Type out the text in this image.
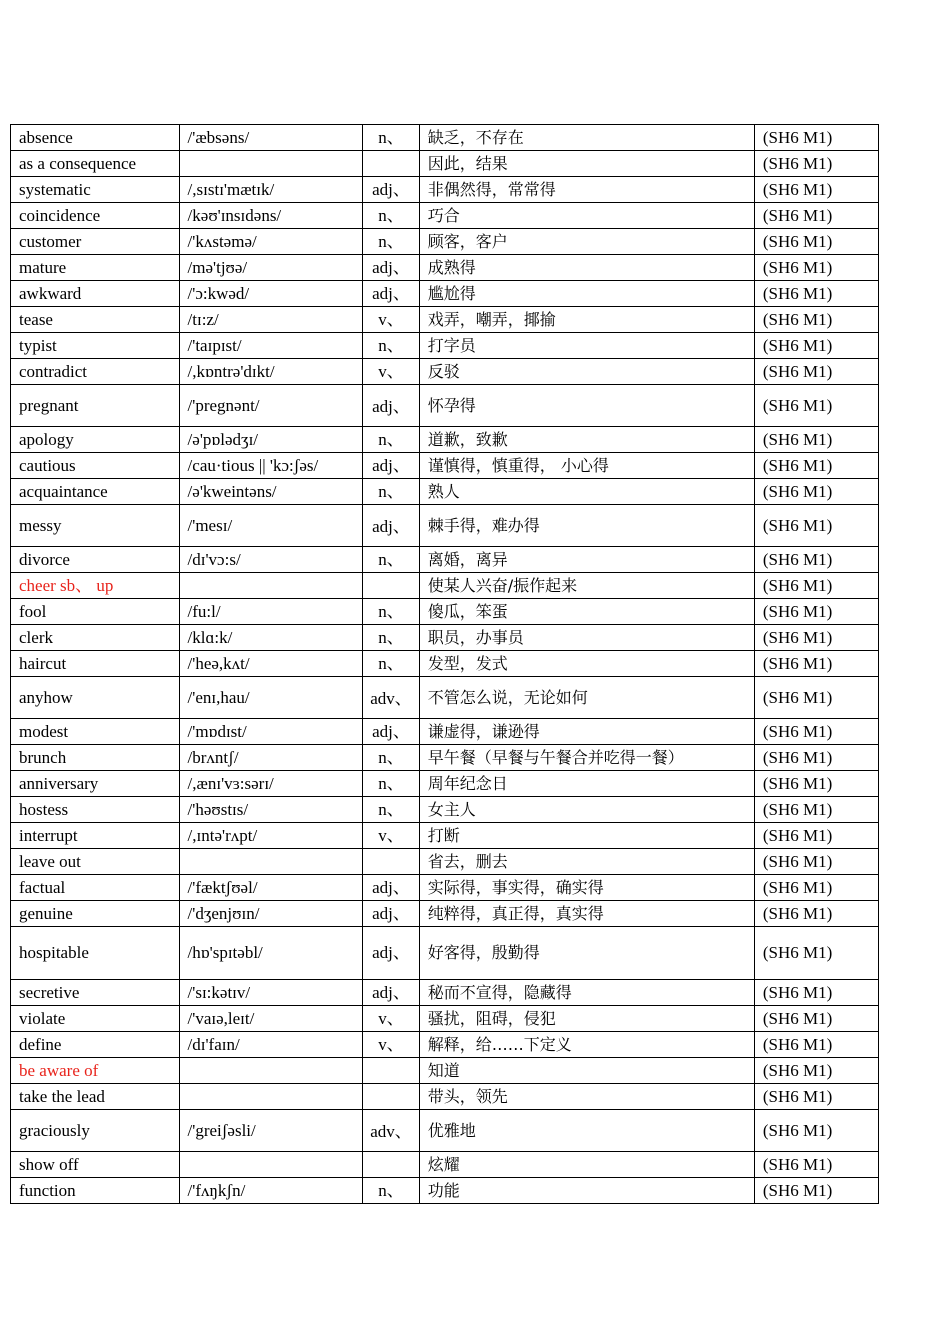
absence	/'æbsəns/	n、	缺乏，不存在	(SH6 M1)
as a consequence			因此，结果	(SH6 M1)
systematic	/,sɪstɪ'mætɪk/	adj、	非偶然得，常常得	(SH6 M1)
coincidence	/kəʊ'ɪnsɪdəns/	n、	巧合	(SH6 M1)
customer	/'kʌstəmə/	n、	顾客，客户	(SH6 M1)
mature	/mə'tjʊə/	adj、	成熟得	(SH6 M1)
awkward	/'ɔ:kwəd/	adj、	尴尬得	(SH6 M1)
tease	/tɪ:z/	v、	戏弄，嘲弄，揶揄	(SH6 M1)
typist	/'taɪpɪst/	n、	打字员	(SH6 M1)
contradict	/,kɒntrə'dɪkt/	v、	反驳	(SH6 M1)
pregnant	/'pregnənt/	adj、	怀孕得	(SH6 M1)
apology	/ə'pɒlədʒɪ/	n、	道歉，致歉	(SH6 M1)
cautious	/cau·tious || 'kɔ:ʃəs/	adj、	谨慎得，慎重得， 小心得	(SH6 M1)
acquaintance	/ə'kweintəns/	n、	熟人	(SH6 M1)
messy	/'mesɪ/	adj、	棘手得，难办得	(SH6 M1)
divorce	/dɪ'vɔ:s/	n、	离婚，离异	(SH6 M1)
cheer sb、 up			使某人兴奋/振作起来	(SH6 M1)
fool	/fu:l/	n、	傻瓜，笨蛋	(SH6 M1)
clerk	/klɑ:k/	n、	职员，办事员	(SH6 M1)
haircut	/'heə,kʌt/	n、	发型，发式	(SH6 M1)
anyhow	/'enɪ,hau/	adv、	不管怎么说，无论如何	(SH6 M1)
modest	/'mɒdɪst/	adj、	谦虚得，谦逊得	(SH6 M1)
brunch	/brʌntʃ/	n、	早午餐（早餐与午餐合并吃得一餐）	(SH6 M1)
anniversary	/,ænɪ'vɜ:sərɪ/	n、	周年纪念日	(SH6 M1)
hostess	/'həʊstɪs/	n、	女主人	(SH6 M1)
interrupt	/,ɪntə'rʌpt/	v、	打断	(SH6 M1)
leave out			省去，删去	(SH6 M1)
factual	/'fæktʃʊəl/	adj、	实际得，事实得，确实得	(SH6 M1)
genuine	/'dʒenjʊɪn/	adj、	纯粹得，真正得，真实得	(SH6 M1)
hospitable	/hɒ'spɪtəbl/	adj、	好客得，殷勤得	(SH6 M1)
secretive	/'sɪ:kətɪv/	adj、	秘而不宣得，隐藏得	(SH6 M1)
violate	/'vaɪə,leɪt/	v、	骚扰，阻碍，侵犯	(SH6 M1)
define	/dɪ'faɪn/	v、	解释，给……下定义	(SH6 M1)
be aware of			知道	(SH6 M1)
take the lead			带头，领先	(SH6 M1)
graciously	/'greiʃəsli/	adv、	优雅地	(SH6 M1)
show off			炫耀	(SH6 M1)
function	/'fʌŋkʃn/	n、	功能	(SH6 M1)
